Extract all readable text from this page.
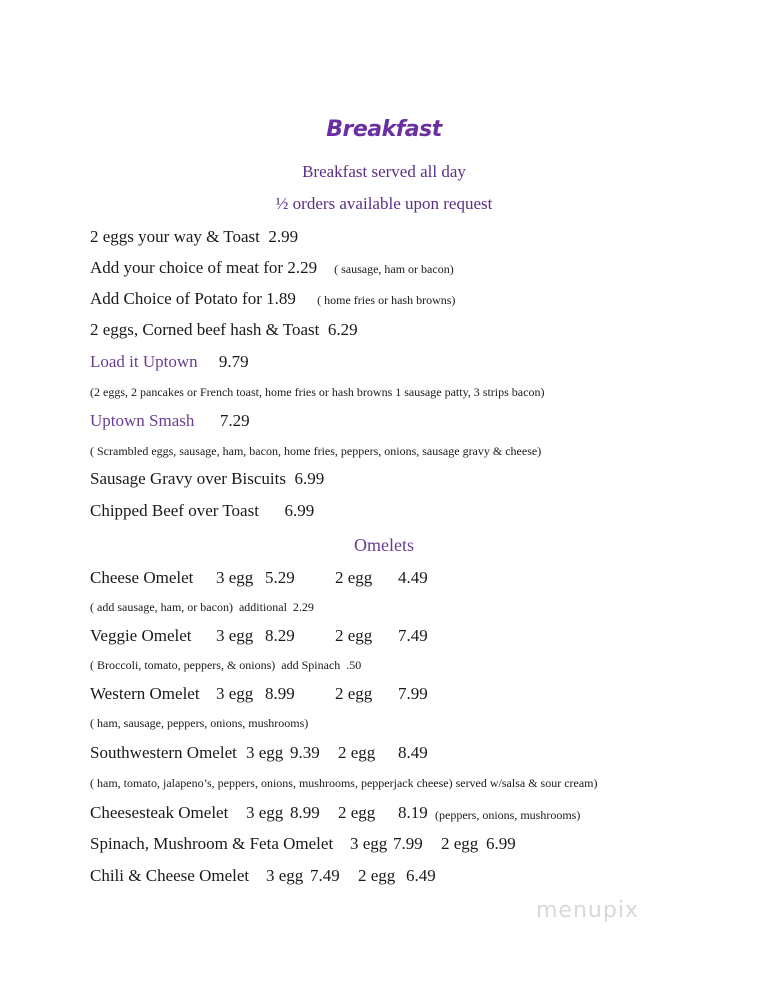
Breakfast
Breakfast served all day
½ orders available upon request
2 eggs your way & Toast 2.99
Add your choice of meat for 2.29 ( sausage, ham or bacon)
Add Choice of Potato for 1.89 ( home fries or hash browns)
2 eggs, Corned beef hash & Toast 6.29
Load it Uptown 9.79
(2 eggs, 2 pancakes or French toast, home fries or hash browns 1 sausage patty, 3 strips bacon)
Uptown Smash 7.29
( Scrambled eggs, sausage, ham, bacon, home fries, peppers, onions, sausage gravy & cheese)
Sausage Gravy over Biscuits 6.99
Chipped Beef over Toast 6.99
Omelets
Cheese Omelet 3 egg 5.29 2 egg 4.49
( add sausage, ham, or bacon)  additional  2.29
Veggie Omelet 3 egg 8.29 2 egg 7.49
( Broccoli, tomato, peppers, & onions)  add Spinach  .50
Western Omelet 3 egg 8.99 2 egg 7.99
( ham, sausage, peppers, onions, mushrooms)
Southwestern Omelet 3 egg 9.39 2 egg 8.49
( ham, tomato, jalapeno’s, peppers, onions, mushrooms, pepperjack cheese) served w/salsa & sour cream)
Cheesesteak Omelet 3 egg 8.99 2 egg 8.19 (peppers, onions, mushrooms)
Spinach, Mushroom & Feta Omelet 3 egg 7.99 2 egg 6.99
Chili & Cheese Omelet 3 egg 7.49 2 egg 6.49
menupix
